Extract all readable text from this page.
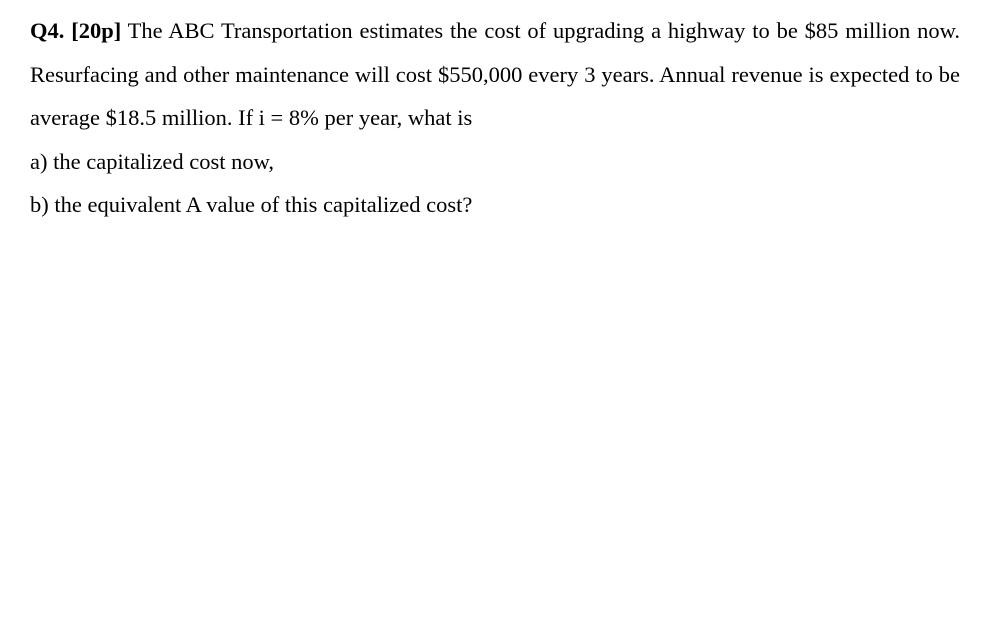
Q4. [20p] The ABC Transportation estimates the cost of upgrading a highway to be $85 million now. Resurfacing and other maintenance will cost $550,000 every 3 years. Annual revenue is expected to be average $18.5 million. If i = 8% per year, what is

a) the capitalized cost now,

b) the equivalent A value of this capitalized cost?
